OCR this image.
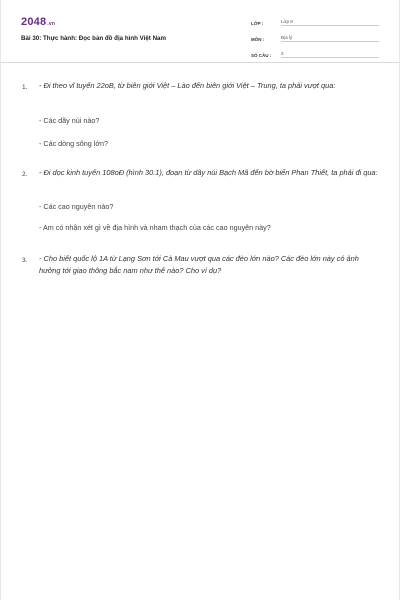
2048.vn
Bài 30: Thực hành: Đọc bản đồ địa hình Việt Nam
LỚP :	Lớp 8
MÔN :	Địa lý
SỐ CÂU :	3
1. - Đi theo vĩ tuyến 22oB, từ biên giới Việt – Lào đến biên giới Việt – Trung, ta phải vượt qua:
- Các dãy núi nào?
- Các dòng sông lớn?
2. - Đi dọc kinh tuyến 108oĐ (hình 30.1), đoạn từ dãy núi Bạch Mã đến bờ biển Phan Thiết, ta phải đi qua:
- Các cao nguyên nào?
- Am có nhận xét gì về địa hình và nham thạch của các cao nguyên này?
3. - Cho biết quốc lộ 1A từ Lạng Sơn tới Cà Mau vượt qua các đèo lớn nào? Các đèo lớn này có ảnh hưởng tới giao thông bắc nam như thế nào? Cho ví dụ?
